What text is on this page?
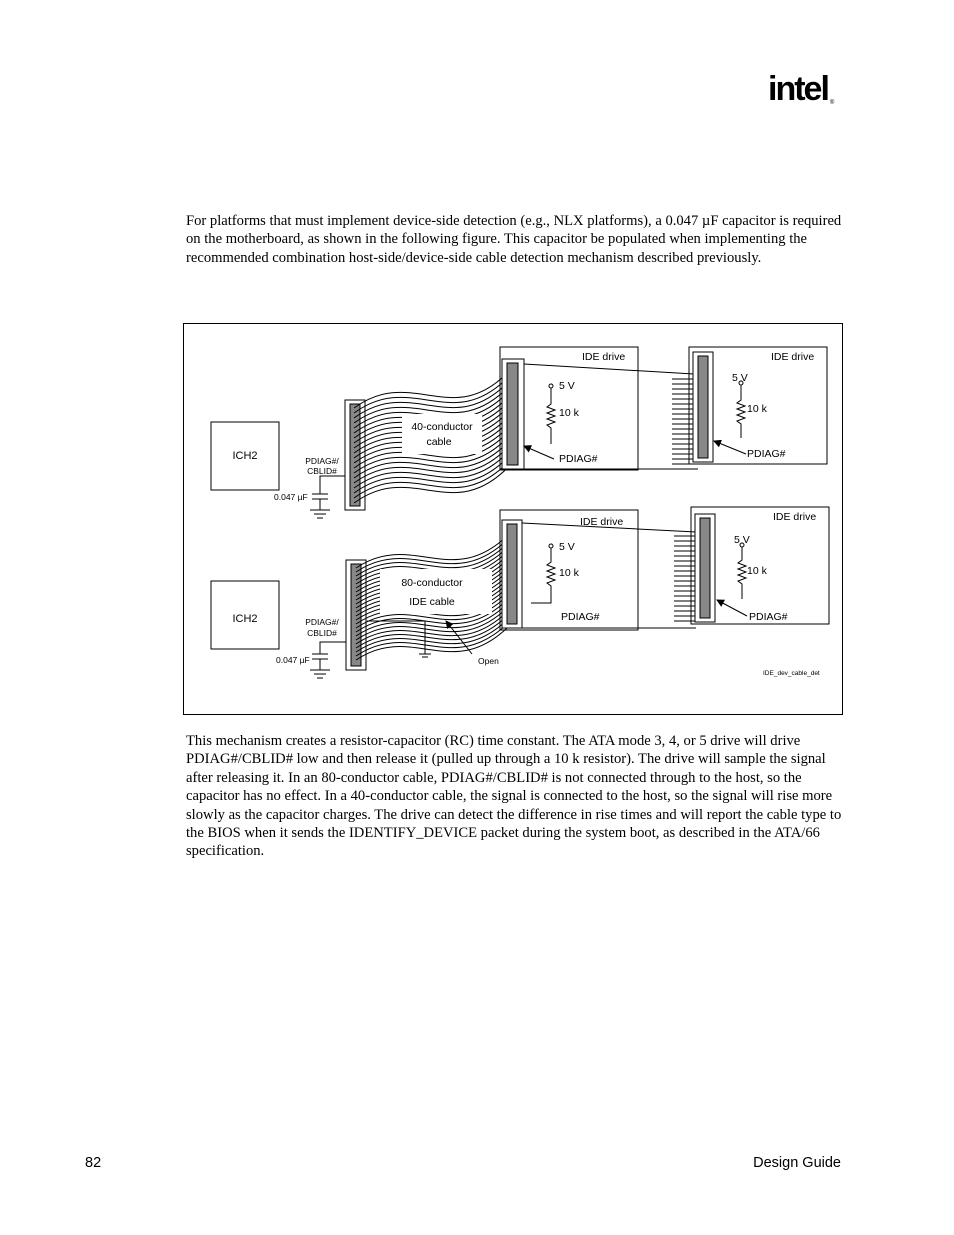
intel ®

For platforms that must implement device-side detection (e.g., NLX platforms), a 0.047 µF capacitor is required on the motherboard, as shown in the following figure. This capacitor be populated when implementing the recommended combination host-side/device-side cable detection mechanism described previously.

ICH2	PDIAG#/
CBLID#
0.047 µF
40-conductor
cable
IDE drive
5 V
10 k
PDIAG#
IDE drive
5 V
10 k
PDIAG#
ICH2	PDIAG#/
CBLID#
0.047 µF
80-conductor
IDE cable
Open
IDE drive
5 V
10 k
PDIAG#
IDE drive
5 V
10 k
PDIAG#
IDE_dev_cable_det

This mechanism creates a resistor-capacitor (RC) time constant. The ATA mode 3, 4, or 5 drive will drive PDIAG#/CBLID# low and then release it (pulled up through a 10 k resistor). The drive will sample the signal after releasing it. In an 80-conductor cable, PDIAG#/CBLID# is not connected through to the host, so the capacitor has no effect. In a 40-conductor cable, the signal is connected to the host, so the signal will rise more slowly as the capacitor charges. The drive can detect the difference in rise times and will report the cable type to the BIOS when it sends the IDENTIFY_DEVICE packet during the system boot, as described in the ATA/66 specification.

82	Design Guide
